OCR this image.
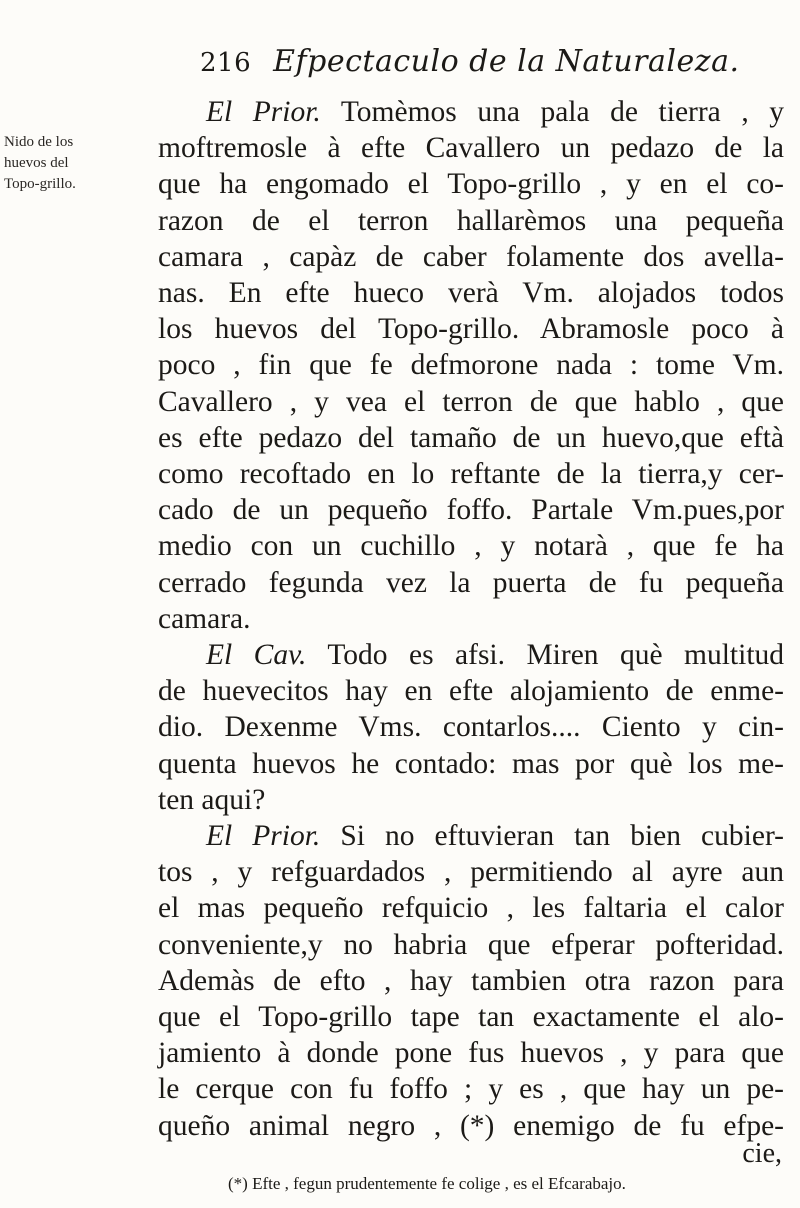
216 Efpectaculo de la Naturaleza.
Nido de los
huevos del
Topo-grillo.
El Prior. Tomèmos una pala de tierra , y
moftremosle à efte Cavallero un pedazo de la
que ha engomado el Topo-grillo , y en el co-
razon de el terron hallarèmos una pequeña
camara , capàz de caber folamente dos avella-
nas. En efte hueco verà Vm. alojados todos
los huevos del Topo-grillo. Abramosle poco à
poco , fin que fe defmorone nada : tome Vm.
Cavallero , y vea el terron de que hablo , que
es efte pedazo del tamaño de un huevo,que eftà
como recoftado en lo reftante de la tierra,y cer-
cado de un pequeño foffo. Partale Vm.pues,por
medio con un cuchillo , y notarà , que fe ha
cerrado fegunda vez la puerta de fu pequeña
camara.
El Cav. Todo es afsi. Miren què multitud
de huevecitos hay en efte alojamiento de enme-
dio. Dexenme Vms. contarlos.... Ciento y cin-
quenta huevos he contado: mas por què los me-
ten aqui?
El Prior. Si no eftuvieran tan bien cubier-
tos , y refguardados , permitiendo al ayre aun
el mas pequeño refquicio , les faltaria el calor
conveniente,y no habria que efperar pofteridad.
Ademàs de efto , hay tambien otra razon para
que el Topo-grillo tape tan exactamente el alo-
jamiento à donde pone fus huevos , y para que
le cerque con fu foffo ; y es , que hay un pe-
queño animal negro , (*) enemigo de fu efpe-
cie,
(*) Efte , fegun prudentemente fe colige , es el Efcarabajo.
